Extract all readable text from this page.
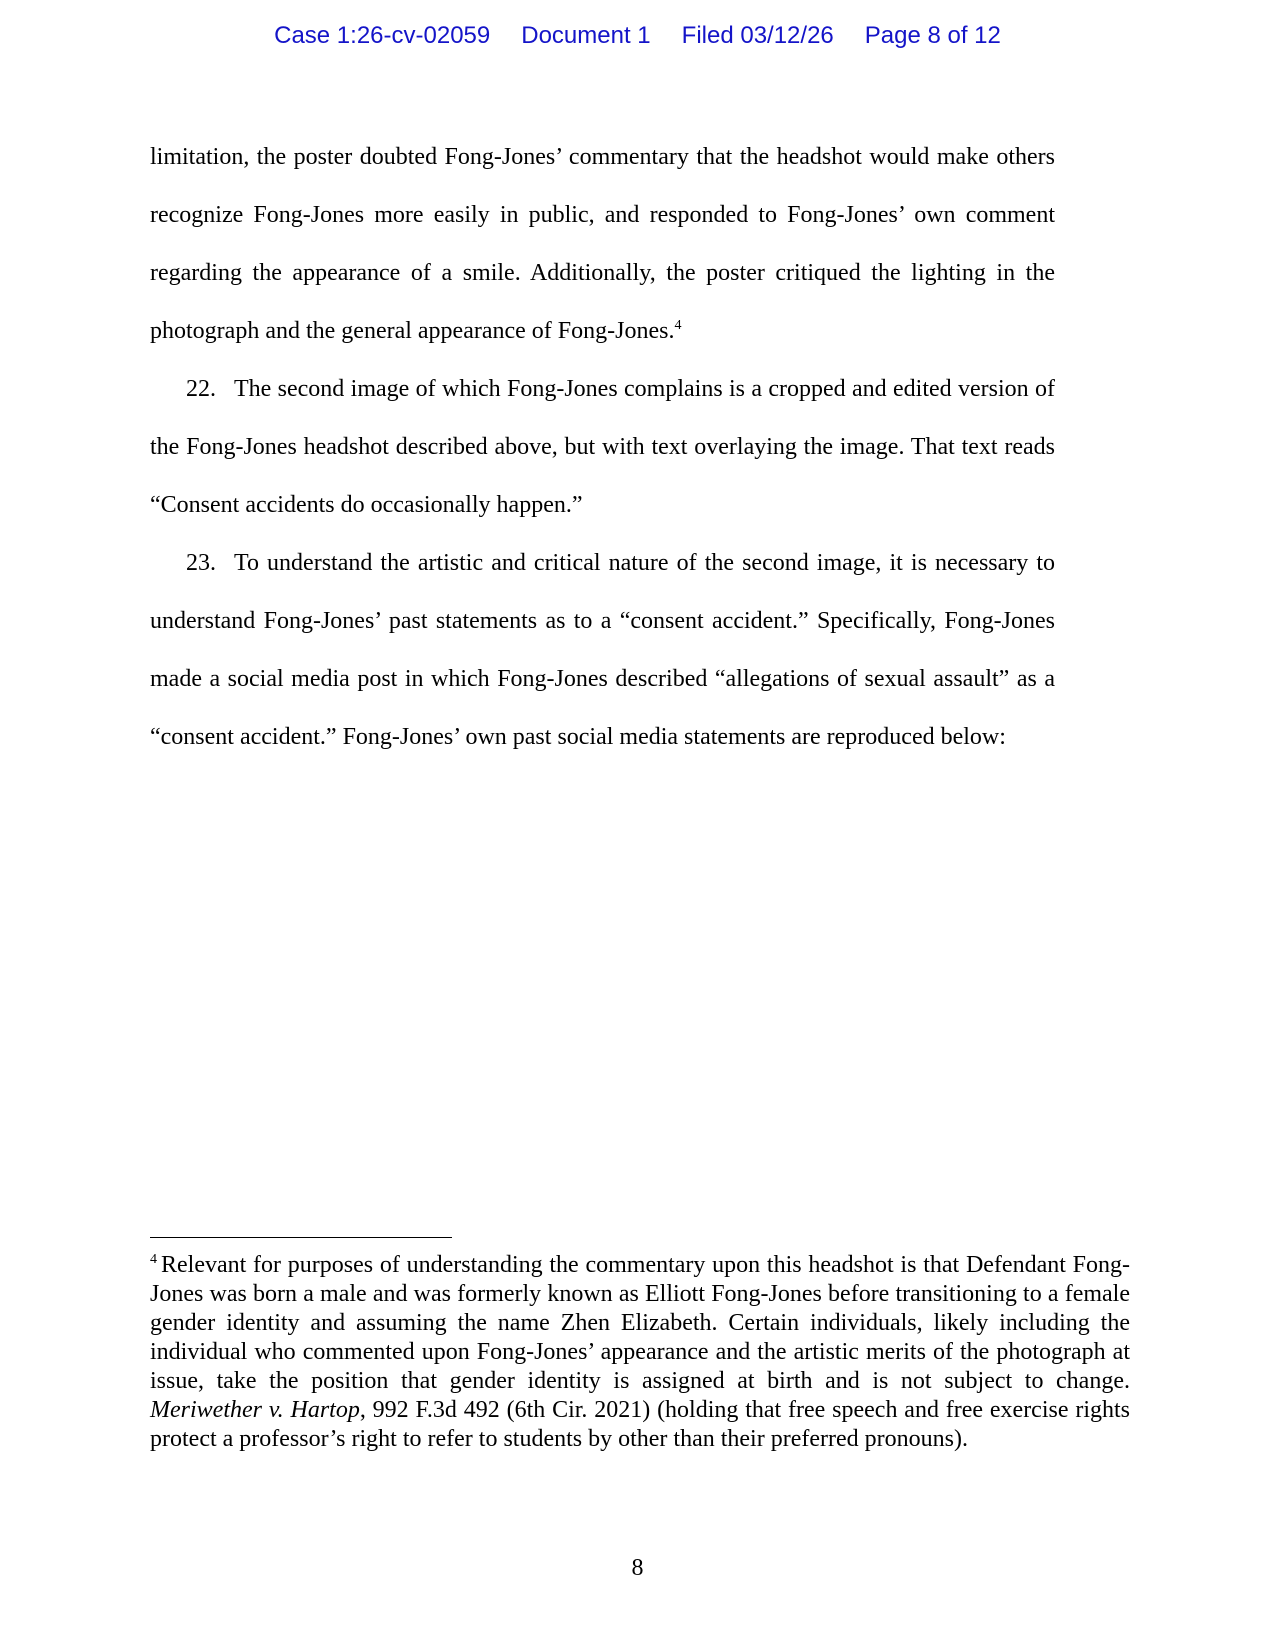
Case 1:26-cv-02059 Document 1 Filed 03/12/26 Page 8 of 12
limitation, the poster doubted Fong-Jones’ commentary that the headshot would make others recognize Fong-Jones more easily in public, and responded to Fong-Jones’ own comment regarding the appearance of a smile. Additionally, the poster critiqued the lighting in the photograph and the general appearance of Fong-Jones.$^4$
22. The second image of which Fong-Jones complains is a cropped and edited version of the Fong-Jones headshot described above, but with text overlaying the image. That text reads “Consent accidents do occasionally happen.”
23. To understand the artistic and critical nature of the second image, it is necessary to understand Fong-Jones’ past statements as to a “consent accident.” Specifically, Fong-Jones made a social media post in which Fong-Jones described “allegations of sexual assault” as a “consent accident.” Fong-Jones’ own past social media statements are reproduced below:
$^4$ Relevant for purposes of understanding the commentary upon this headshot is that Defendant Fong-Jones was born a male and was formerly known as Elliott Fong-Jones before transitioning to a female gender identity and assuming the name Zhen Elizabeth. Certain individuals, likely including the individual who commented upon Fong-Jones’ appearance and the artistic merits of the photograph at issue, take the position that gender identity is assigned at birth and is not subject to change. Meriwether v. Hartop, 992 F.3d 492 (6th Cir. 2021) (holding that free speech and free exercise rights protect a professor’s right to refer to students by other than their preferred pronouns).
8
